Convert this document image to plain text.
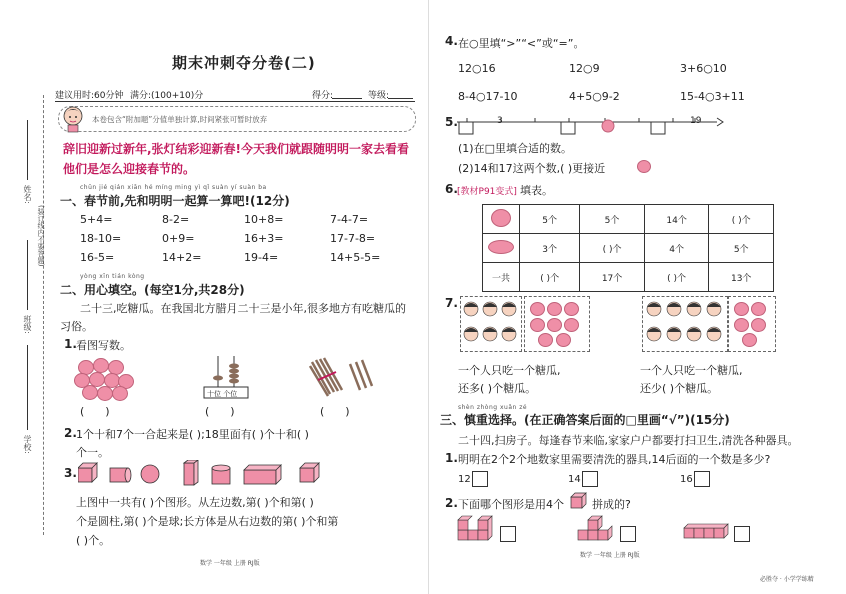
姓名:
班级:
学校:
(装订线内不要答题)
期末冲刺夺分卷(二)
建议用时:60分钟 满分:(100+10)分	得分:	等级:
本卷包含“附加题”分值单独计算,时间紧张可暂时放弃
辞旧迎新过新年,张灯结彩迎新春!今天我们就跟随明明一家去看看
他们是怎么迎接春节的。
chūn jié qián xiān hé míng ming yì qǐ suàn yí suàn ba
一、春节前,先和明明一起算一算吧!(12分)
5+4=	8-2=	10+8=	7-4-7=
18-10=	0+9=	16+3=	17-7-8=
16-5=	14+2=	19-4=	14+5-5=
yòng xīn tián kòng
二、用心填空。(每空1分,共28分)
二十三,吃糖瓜。在我国北方腊月二十三是小年,很多地方有吃糖瓜的
习俗。
1. 看图写数。
(      )
十位 个位
(      )	(      )
2. 1个十和7个一合起来是( );18里面有( )个十和( )
个一。
3.
上图中一共有( )个图形。从左边数,第( )个和第( )
个是圆柱,第( )个是球;长方体是从右边数的第( )个和第
( )个。
数学 一年级 上册 RJ版
4. 在○里填“>”“<”或“=”。
12○16	12○9	3+6○10
8-4○17-10	4+5○9-2	15-4○3+11
5.	3	19
(1)在□里填合适的数。
(2)14和17这两个数,( )更接近
6. [教材P91变式] 填表。
	5个	5个	14个	( )个
	3个	( )个	4个	5个
一共	( )个	17个	( )个	13个
7.
一个人只吃一个糖瓜,
还多( )个糖瓜。
一个人只吃一个糖瓜,
还少( )个糖瓜。
shèn zhòng xuǎn zé
三、慎重选择。(在正确答案后面的□里画“√”)(15分)
二十四,扫房子。每逢春节来临,家家户户都要打扫卫生,清洗各种器具。
1. 明明在2个2个地数家里需要清洗的器具,14后面的一个数是多少?
12	14	16
2. 下面哪个图形是用4个	拼成的?
数学 一年级 上册 RJ版
必胜夺 · 小学学练精
